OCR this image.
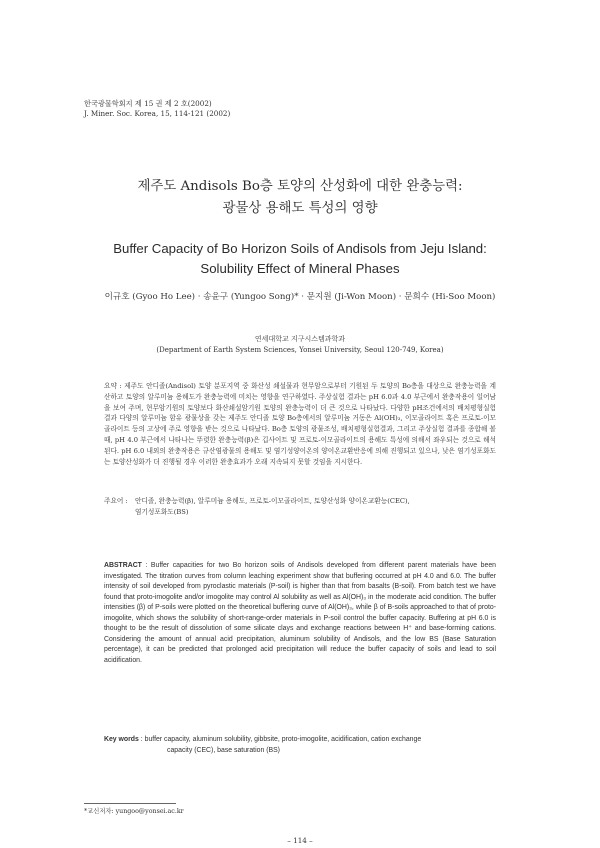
한국광물학회지 제 15 권 제 2 호(2002)
J. Miner. Soc. Korea, 15, 114-121 (2002)
제주도 Andisols Bo층 토양의 산성화에 대한 완충능력:
광물상 용해도 특성의 영향
Buffer Capacity of Bo Horizon Soils of Andisols from Jeju Island:
Solubility Effect of Mineral Phases
이규호 (Gyoo Ho Lee) · 송윤구 (Yungoo Song)* · 문지원 (Ji-Won Moon) · 문희수 (Hi-Soo Moon)
연세대학교 지구시스템과학과
(Department of Earth System Sciences, Yonsei University, Seoul 120-749, Korea)
요약 : 제주도 안디졸(Andisol) 토양 분포지역 중 화산성 쇄설물과 현무암으로부터 기원된 두 토양의 Bo층을 대상으로 완충능력을 계산하고 토양의 알루미늄 용해도가 완충능력에 미치는 영향을 연구하였다. 주상실험 결과는 pH 6.0과 4.0 부근에서 완충작용이 일어남을 보여 주며, 현무암기원의 토양보다 화산쇄설암기원 토양의 완충능력이 더 큰 것으로 나타났다. 다양한 pH조건에서의 배치평형실험 결과 다양의 알루미늄 함유 광물상을 갖는 제주도 안디졸 토양 Bo층에서의 알루미늄 거동은 Al(OH)₃, 이모골라이트 혹은 프로토-이모골라이트 등의 고상에 주로 영향을 받는 것으로 나타났다. Bo층 토양의 광물조성, 배치평형실험결과, 그리고 주상실험 결과를 종합해 볼 때, pH 4.0 부근에서 나타나는 뚜렷한 완충능력(β)은 깁사이트 및 프로토-이모골라이트의 용해도 특성에 의해서 좌우되는 것으로 해석된다. pH 6.0 내외의 완충작용은 규산염광물의 용해도 및 염기성양이온의 양이온교환반응에 의해 진행되고 있으나, 낮은 염기성포화도는 토양산성화가 더 진행될 경우 이러한 완충효과가 오래 지속되지 못할 것임을 지시한다.
주요어 : 안디졸, 완충능력(β), 알루미늄 용해도, 프로토-이모골라이트, 토양산성화 양이온교환능(CEC),
염기성포화도(BS)
ABSTRACT : Buffer capacities for two Bo horizon soils of Andisols developed from different parent materials have been investigated. The titration curves from column leaching experiment show that buffering occurred at pH 4.0 and 6.0. The buffer intensity of soil developed from pyroclastic materials (P-soil) is higher than that from basalts (B-soil). From batch test we have found that proto-imogolite and/or imogolite may control Al solubility as well as Al(OH)₃ in the moderate acid condition. The buffer intensities (β) of P-soils were plotted on the theoretical buffering curve of Al(OH)₃, while β of B-soils approached to that of proto-imogolite, which shows the solubility of short-range-order materials in P-soil control the buffer capacity. Buffering at pH 6.0 is thought to be the result of dissolution of some silicate clays and exchange reactions between H⁺ and base-forming cations. Considering the amount of annual acid precipitation, aluminum solubility of Andisols, and the low BS (Base Saturation percentage), it can be predicted that prolonged acid precipitation will reduce the buffer capacity of soils and lead to soil acidification.
Key words : buffer capacity, aluminum solubility, gibbsite, proto-imogolite, acidification, cation exchange
capacity (CEC), base saturation (BS)
*교신저자: yungoo@yonsei.ac.kr
– 114 –
